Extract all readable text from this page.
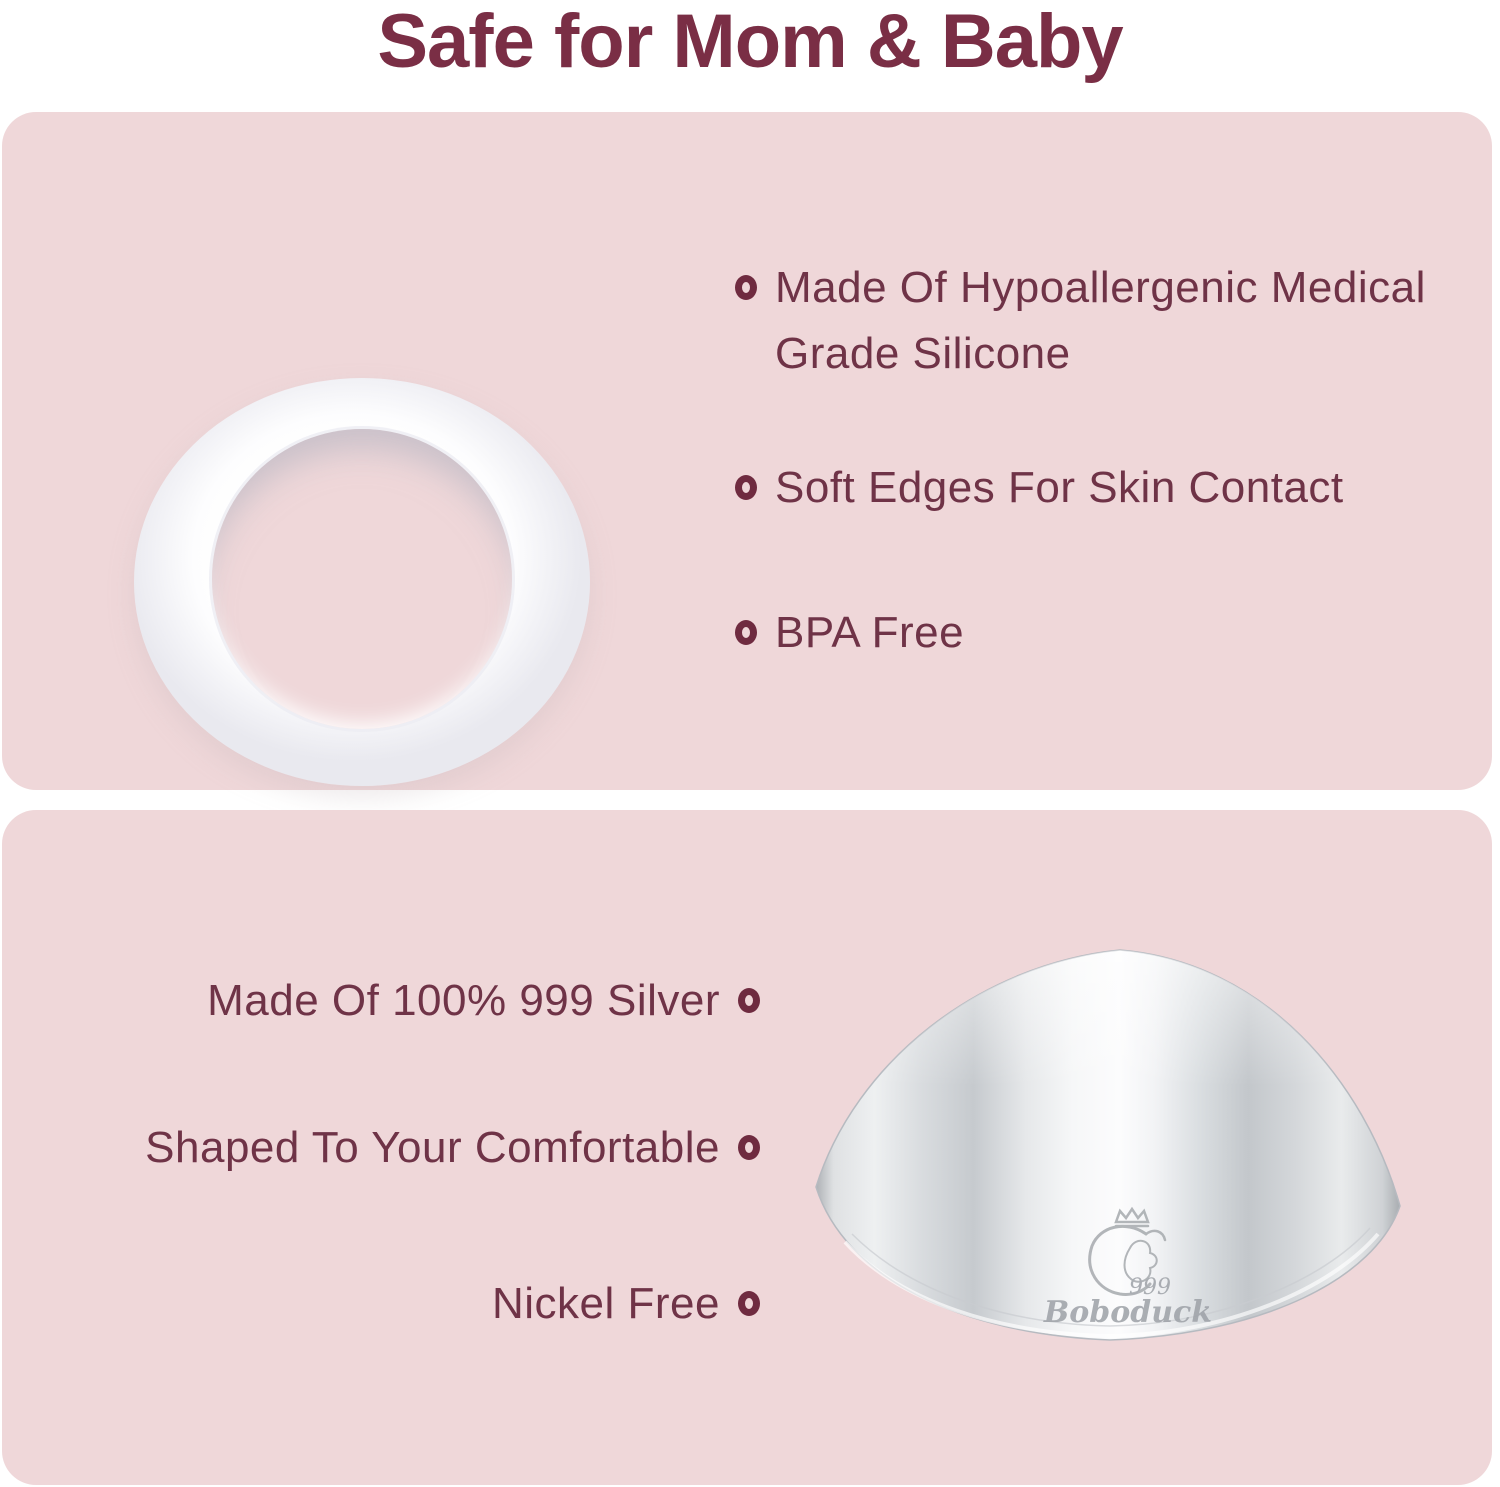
Safe for Mom & Baby
Made Of Hypoallergenic Medical Grade Silicone
Soft Edges For Skin Contact
BPA Free
Made Of 100% 999 Silver
Shaped To Your Comfortable
Nickel Free	999
Boboduck
